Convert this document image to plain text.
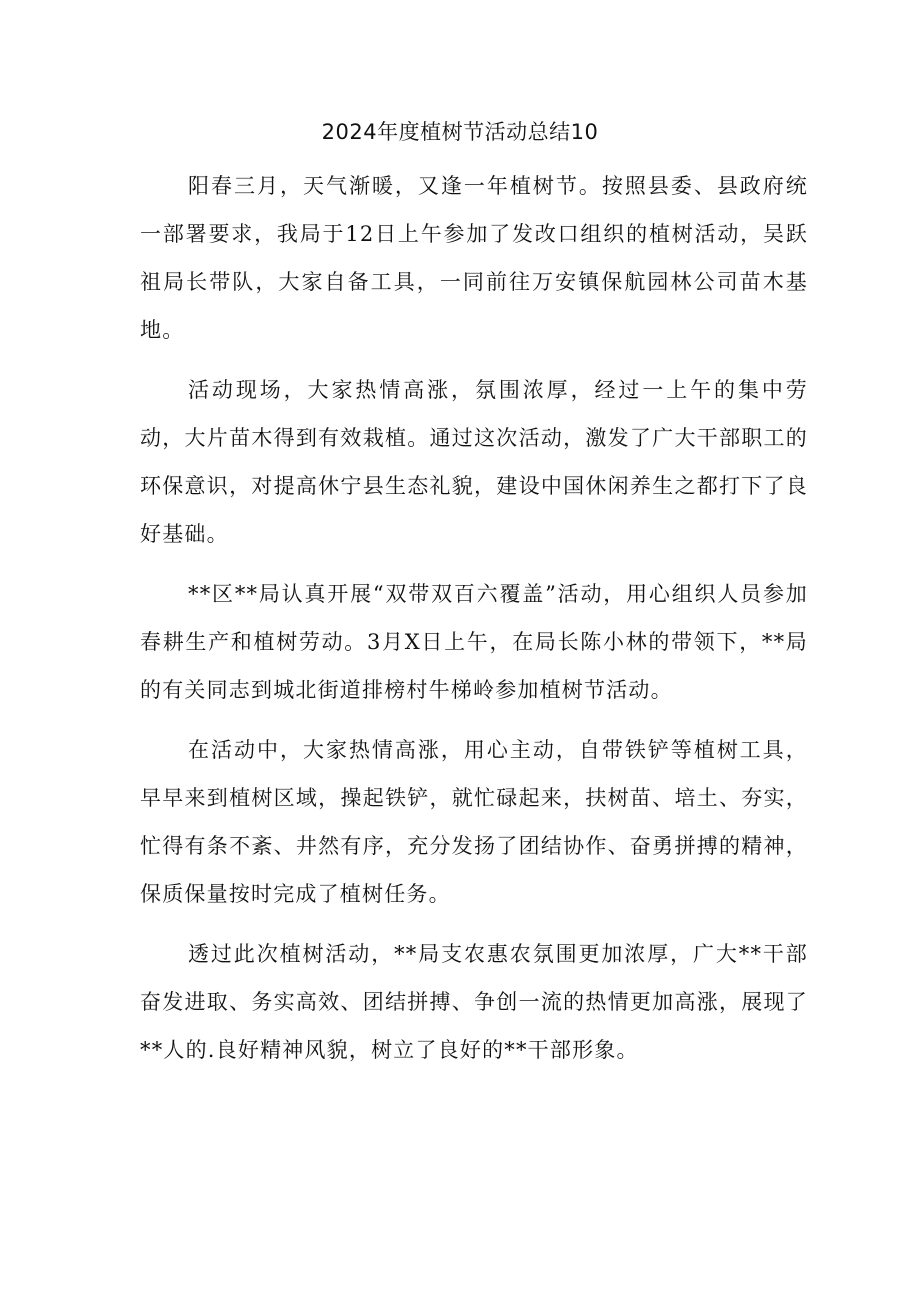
2024年度植树节活动总结10

阳春三月，天气渐暖，又逢一年植树节。按照县委、县政府统一部署要求，我局于12日上午参加了发改口组织的植树活动，吴跃祖局长带队，大家自备工具，一同前往万安镇保航园林公司苗木基地。

活动现场，大家热情高涨，氛围浓厚，经过一上午的集中劳动，大片苗木得到有效栽植。通过这次活动，激发了广大干部职工的环保意识，对提高休宁县生态礼貌，建设中国休闲养生之都打下了良好基础。

**区**局认真开展“双带双百六覆盖”活动，用心组织人员参加春耕生产和植树劳动。3月X日上午，在局长陈小林的带领下，**局的有关同志到城北街道排榜村牛梯岭参加植树节活动。

在活动中，大家热情高涨，用心主动，自带铁铲等植树工具，早早来到植树区域，操起铁铲，就忙碌起来，扶树苗、培土、夯实，忙得有条不紊、井然有序，充分发扬了团结协作、奋勇拼搏的精神，保质保量按时完成了植树任务。

透过此次植树活动，**局支农惠农氛围更加浓厚，广大**干部奋发进取、务实高效、团结拼搏、争创一流的热情更加高涨，展现了**人的.良好精神风貌，树立了良好的**干部形象。
